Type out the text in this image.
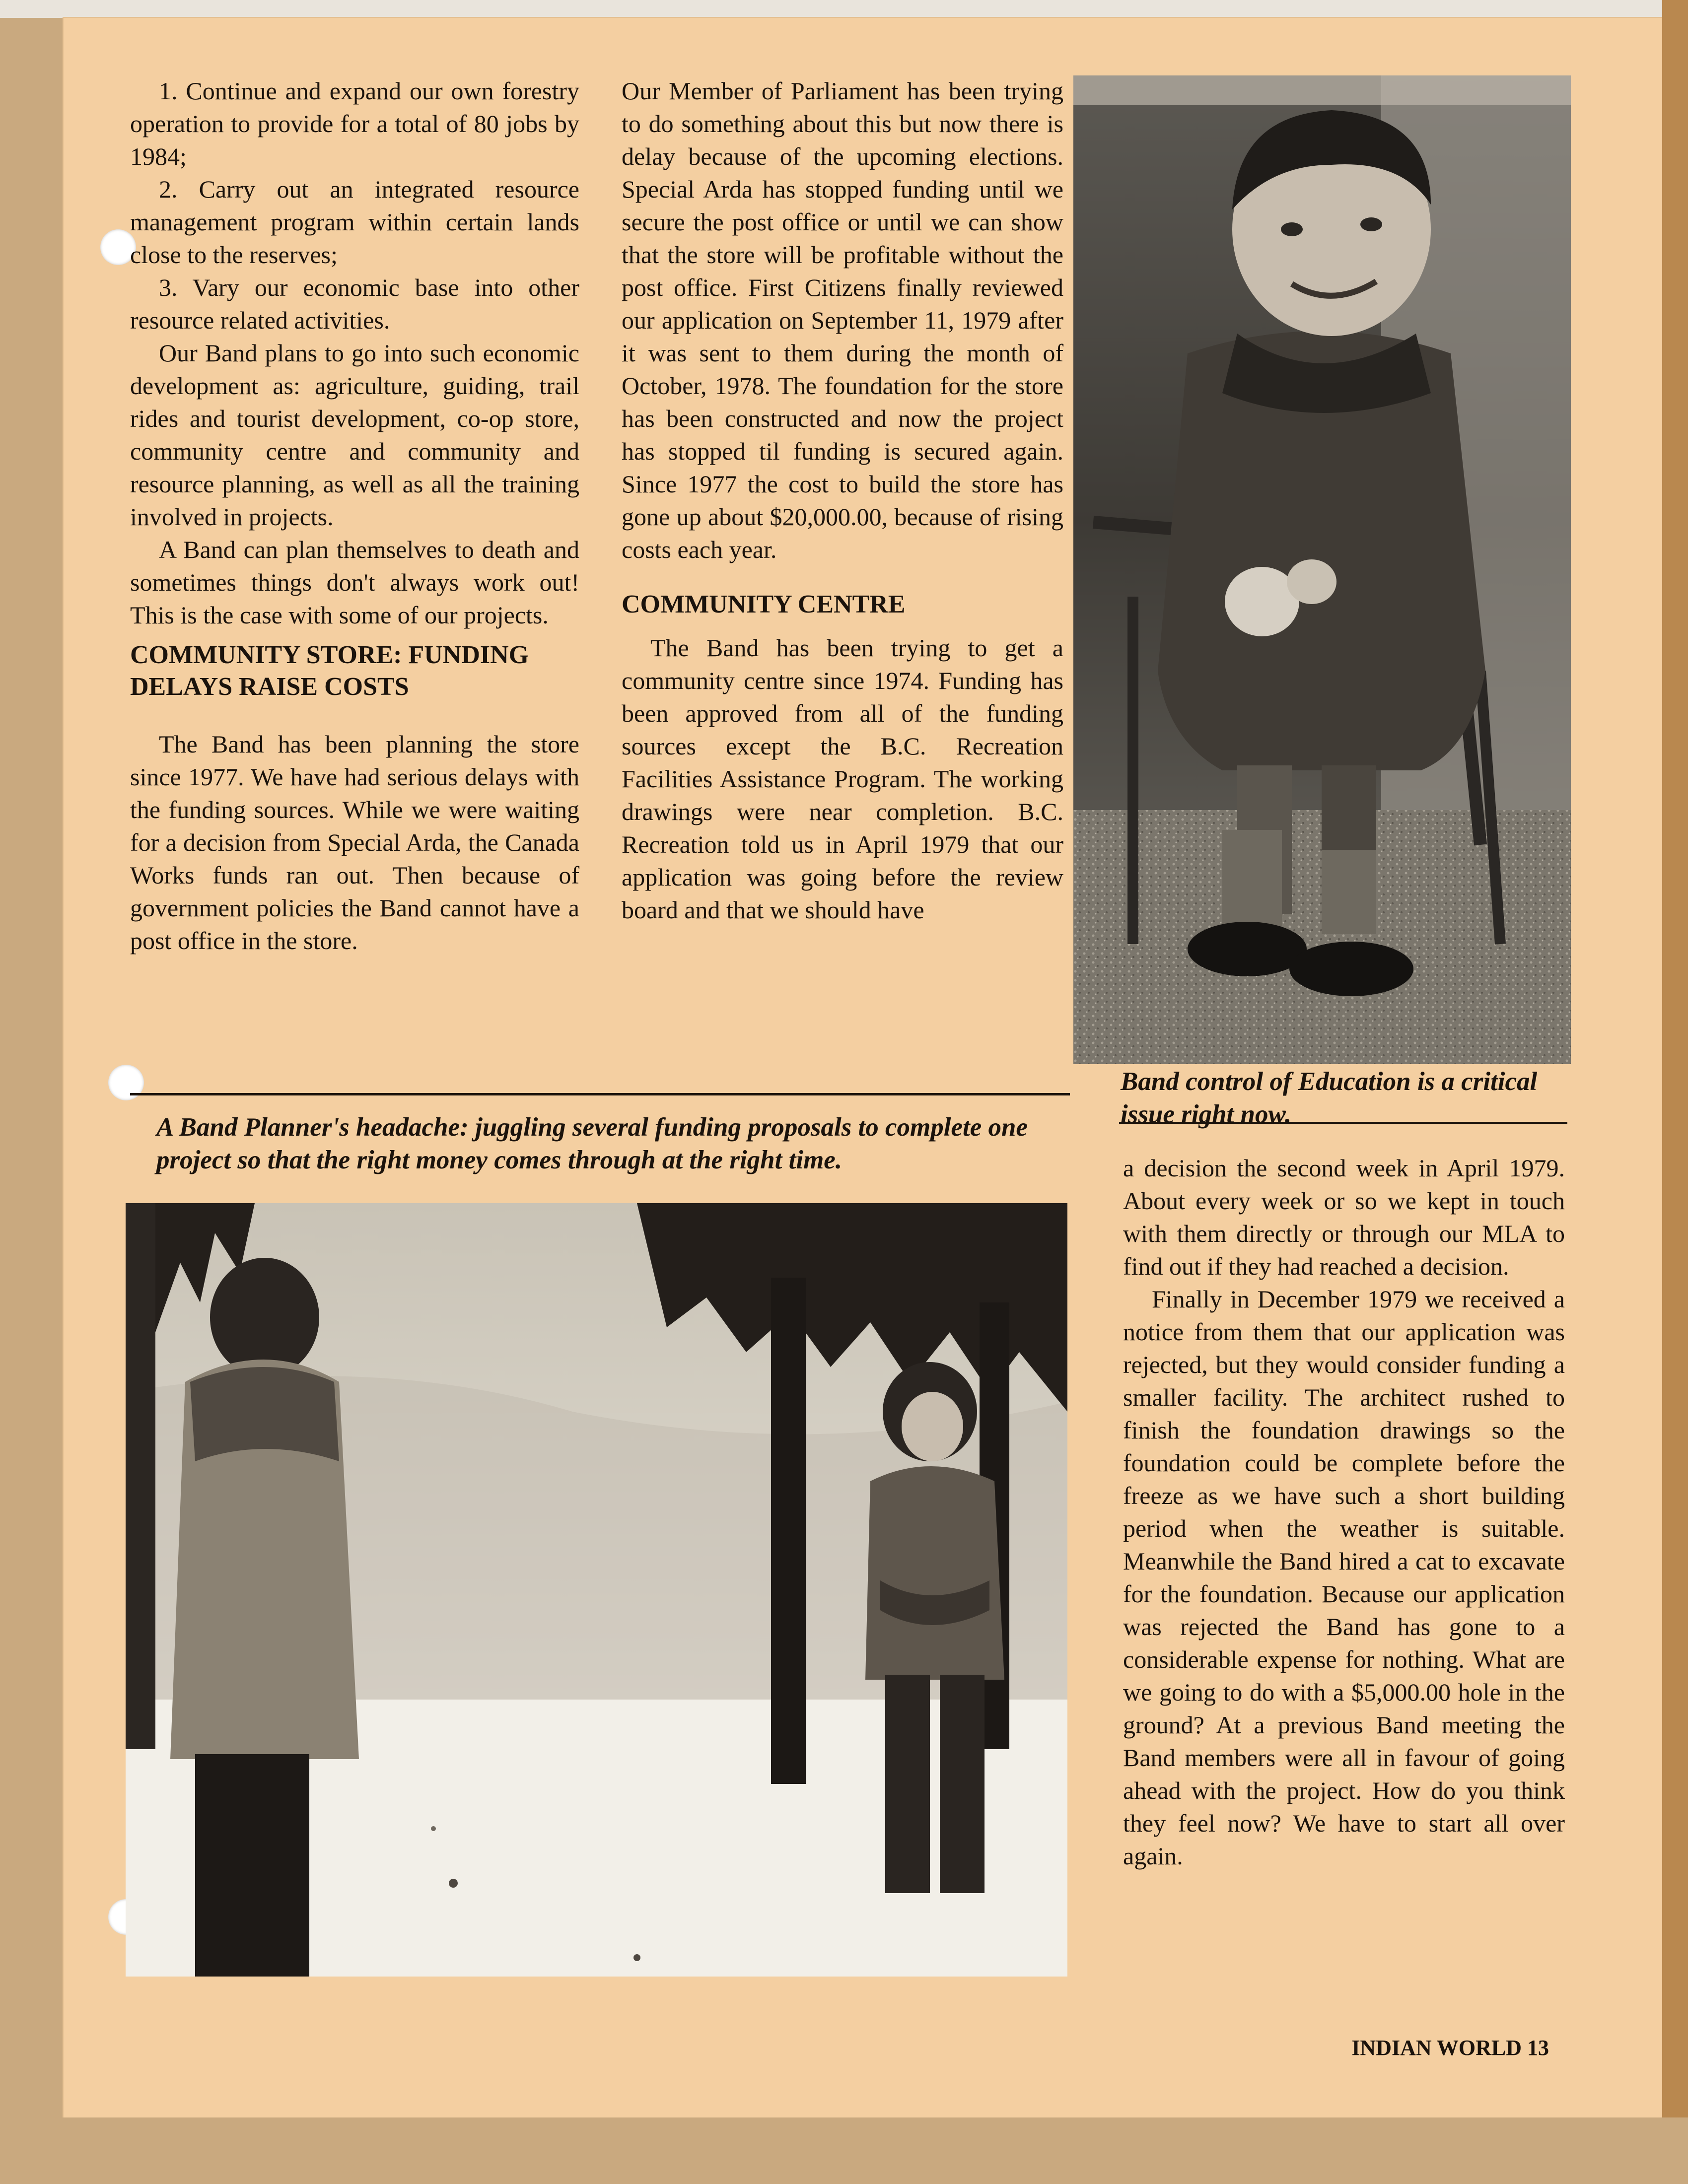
1. Continue and expand our own forestry operation to provide for a total of 80 jobs by 1984;

2. Carry out an integrated resource management program within certain lands close to the reserves;

3. Vary our economic base into other resource related activities.

Our Band plans to go into such economic development as: agriculture, guiding, trail rides and tourist development, co-op store, community centre and community and resource planning, as well as all the training involved in projects.

A Band can plan themselves to death and sometimes things don't always work out! This is the case with some of our projects.

COMMUNITY STORE: FUNDING DELAYS RAISE COSTS

The Band has been planning the store since 1977. We have had serious delays with the funding sources. While we were waiting for a decision from Special Arda, the Canada Works funds ran out. Then because of government policies the Band cannot have a post office in the store.

Our Member of Parliament has been trying to do something about this but now there is delay because of the upcoming elections. Special Arda has stopped funding until we secure the post office or until we can show that the store will be profitable without the post office. First Citizens finally reviewed our application on September 11, 1979 after it was sent to them during the month of October, 1978. The foundation for the store has been constructed and now the project has stopped til funding is secured again. Since 1977 the cost to build the store has gone up about $20,000.00, because of rising costs each year.

COMMUNITY CENTRE

The Band has been trying to get a community centre since 1974. Funding has been approved from all of the funding sources except the B.C. Recreation Facilities Assistance Program. The working drawings were near completion. B.C. Recreation told us in April 1979 that our application was going before the review board and that we should have

Band control of Education is a critical issue right now.

A Band Planner's headache: juggling several funding proposals to complete one project so that the right money comes through at the right time.	a decision the second week in April 1979. About every week or so we kept in touch with them directly or through our MLA to find out if they had reached a decision.

Finally in December 1979 we received a notice from them that our application was rejected, but they would consider funding a smaller facility. The architect rushed to finish the foundation drawings so the foundation could be complete before the freeze as we have such a short building period when the weather is suitable. Meanwhile the Band hired a cat to excavate for the foundation. Because our application was rejected the Band has gone to a considerable expense for nothing. What are we going to do with a $5,000.00 hole in the ground? At a previous Band meeting the Band members were all in favour of going ahead with the project. How do you think they feel now? We have to start all over again.

INDIAN WORLD 13
